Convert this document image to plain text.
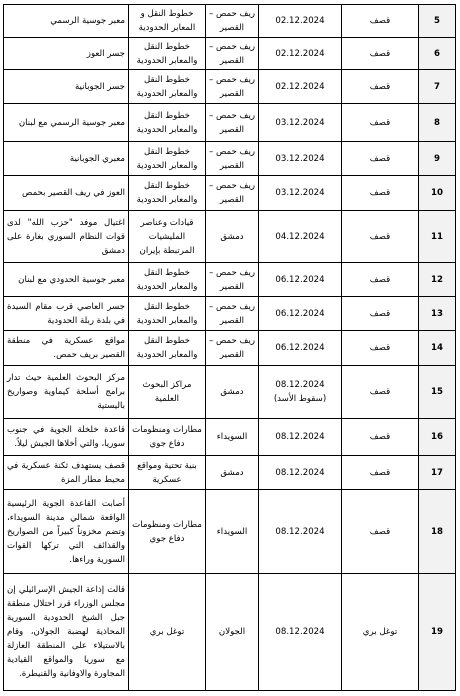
5	قصف	02.12.2024	ريف حمص – القصير	خطوط النقل و المعابر الحدودية	معبر جوسية الرسمي
6	قصف	02.12.2024	ريف حمص – القصير	خطوط النقل والمعابر الحدودية	جسر العوز
7	قصف	02.12.2024	ريف حمص – القصير	خطوط النقل والمعابر الحدودية	جسر الجوبانية
8	قصف	03.12.2024	ريف حمص – القصير	خطوط النقل والمعابر الحدودية	معبر جوسية الرسمي مع لبنان
9	قصف	03.12.2024	ريف حمص – القصير	خطوط النقل والمعابر الحدودية	معبري الجوبانية
10	قصف	03.12.2024	ريف حمص – القصير	خطوط النقل والمعابر الحدودية	العوز في ريف القصير بحمص
11	قصف	04.12.2024	دمشق	قيادات وعناصر المليشيات المرتبطة بإيران	اغتيال موفد "حزب الله" لدى قوات النظام السوري بغارة على دمشق
12	قصف	06.12.2024	ريف حمص – القصير	خطوط النقل والمعابر الحدودية	معبر جوسية الحدودي مع لبنان
13	قصف	06.12.2024	ريف حمص – القصير	خطوط النقل والمعابر الحدودية	جسر العاصي قرب مقام السيدة في بلدة ربلة الحدودية
14	قصف	06.12.2024	ريف حمص – القصير	خطوط النقل والمعابر الحدودية	مواقع عسكرية في منطقة القصير بريف حمص.
15	قصف	08.12.2024 (سقوط الأسد)	دمشق	مراكز البحوث العلمية	مركز البحوث العلمية حيث تدار برامج أسلحة كيماوية وصواريخ باليستية
16	قصف	08.12.2024	السويداء	مطارات ومنظومات دفاع جوي	قاعدة خلخلة الجوية في جنوب سوريا، والتي أخلاها الجيش ليلاً.
17	قصف	08.12.2024	دمشق	بنية تحتية ومواقع عسكرية	قصف يستهدف ثكنة عسكرية في محيط مطار المزة
18	قصف	08.12.2024	السويداء	مطارات ومنظومات دفاع جوي	أصابت القاعدة الجوية الرئيسية الواقعة شمالي مدينة السويداء، وتضم مخزوناً كبيراً من الصواريخ والقذائف التي تركها القوات السورية وراءها.
19	توغل بري	08.12.2024	الجولان	توغل بري	قالت إذاعة الجيش الإسرائيلي إن مجلس الوزراء قرر احتلال منطقة جبل الشيخ الحدودية السورية المحاذية لهضبة الجولان، وقام بالاستيلاء على المنطقة العازلة مع سوريا والمواقع القيادية المجاورة والاوفانية والقنيطرة.
